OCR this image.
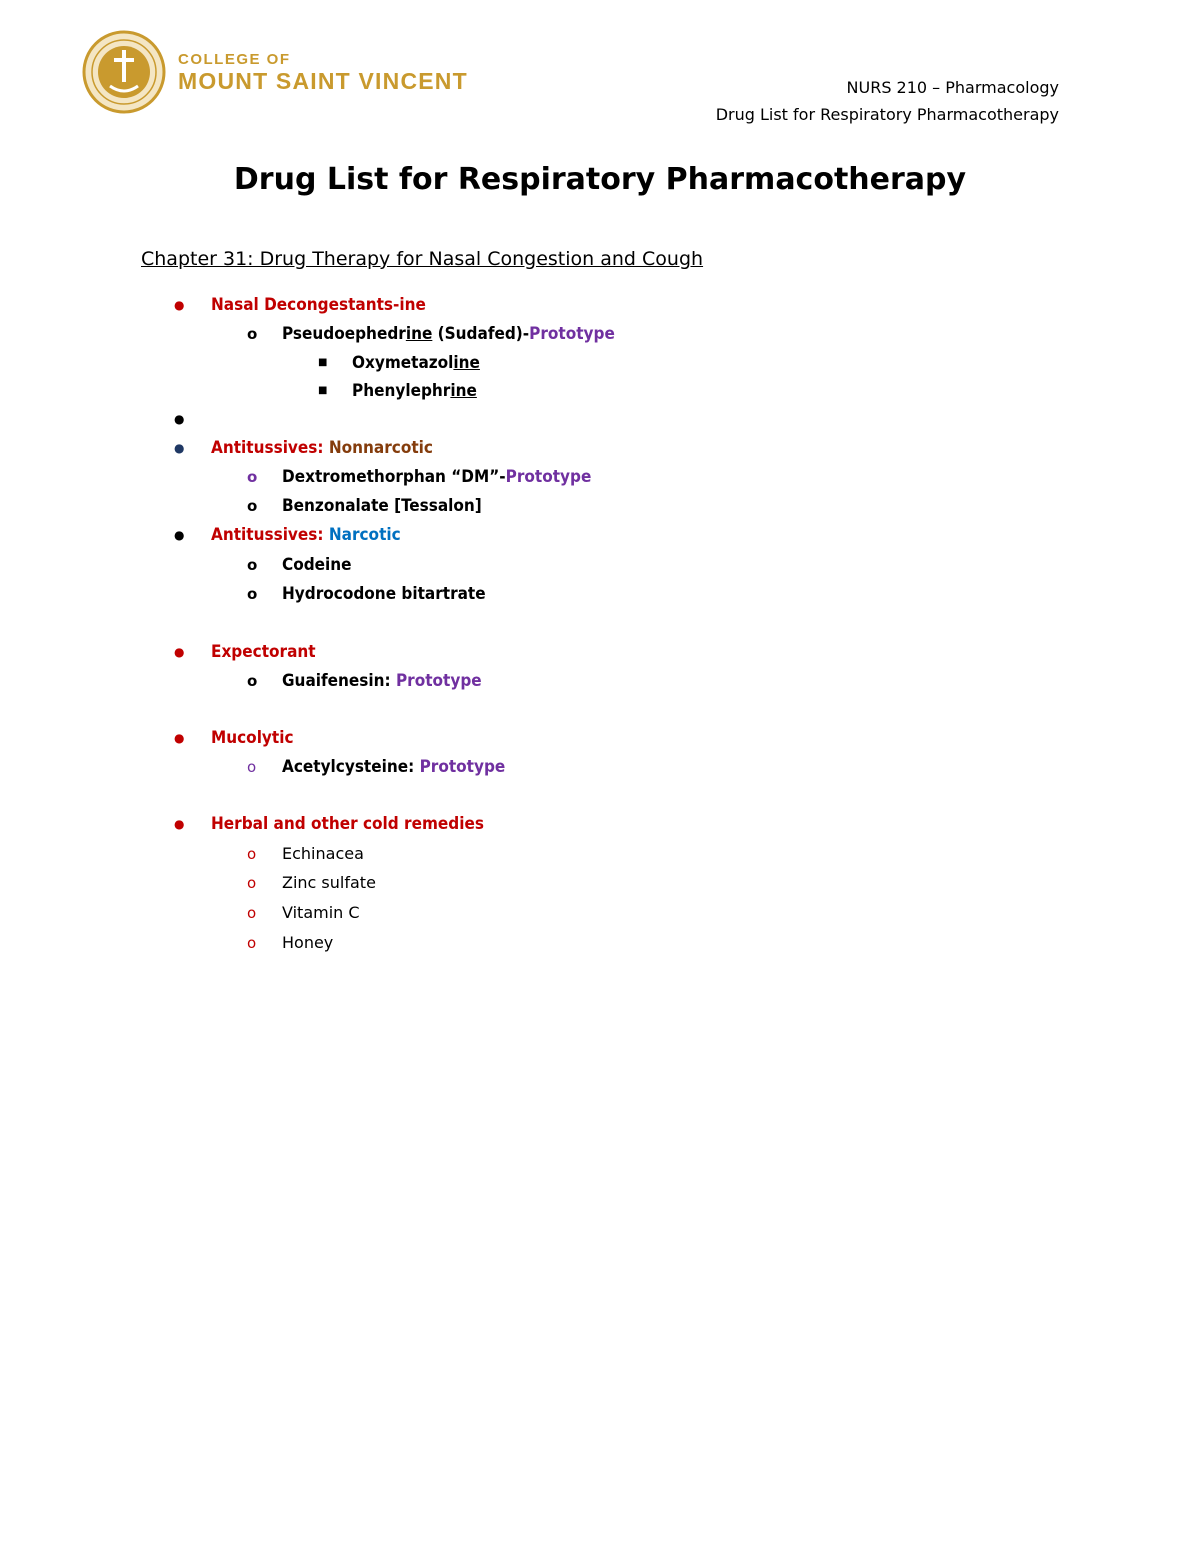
COLLEGE OF
MOUNT SAINT VINCENT	NURS 210 – Pharmacology
Drug List for Respiratory Pharmacotherapy
Drug List for Respiratory Pharmacotherapy
Chapter 31: Drug Therapy for Nasal Congestion and Cough
● Nasal Decongestants-ine
o Pseudoephedrine (Sudafed)-Prototype
■ Oxymetazoline
■ Phenylephrine
●
● Antitussives: Nonnarcotic
o Dextromethorphan “DM”-Prototype
o Benzonalate [Tessalon]
● Antitussives: Narcotic
o Codeine
o Hydrocodone bitartrate
● Expectorant
o Guaifenesin: Prototype
● Mucolytic
o Acetylcysteine: Prototype
● Herbal and other cold remedies
o Echinacea
o Zinc sulfate
o Vitamin C
o Honey
